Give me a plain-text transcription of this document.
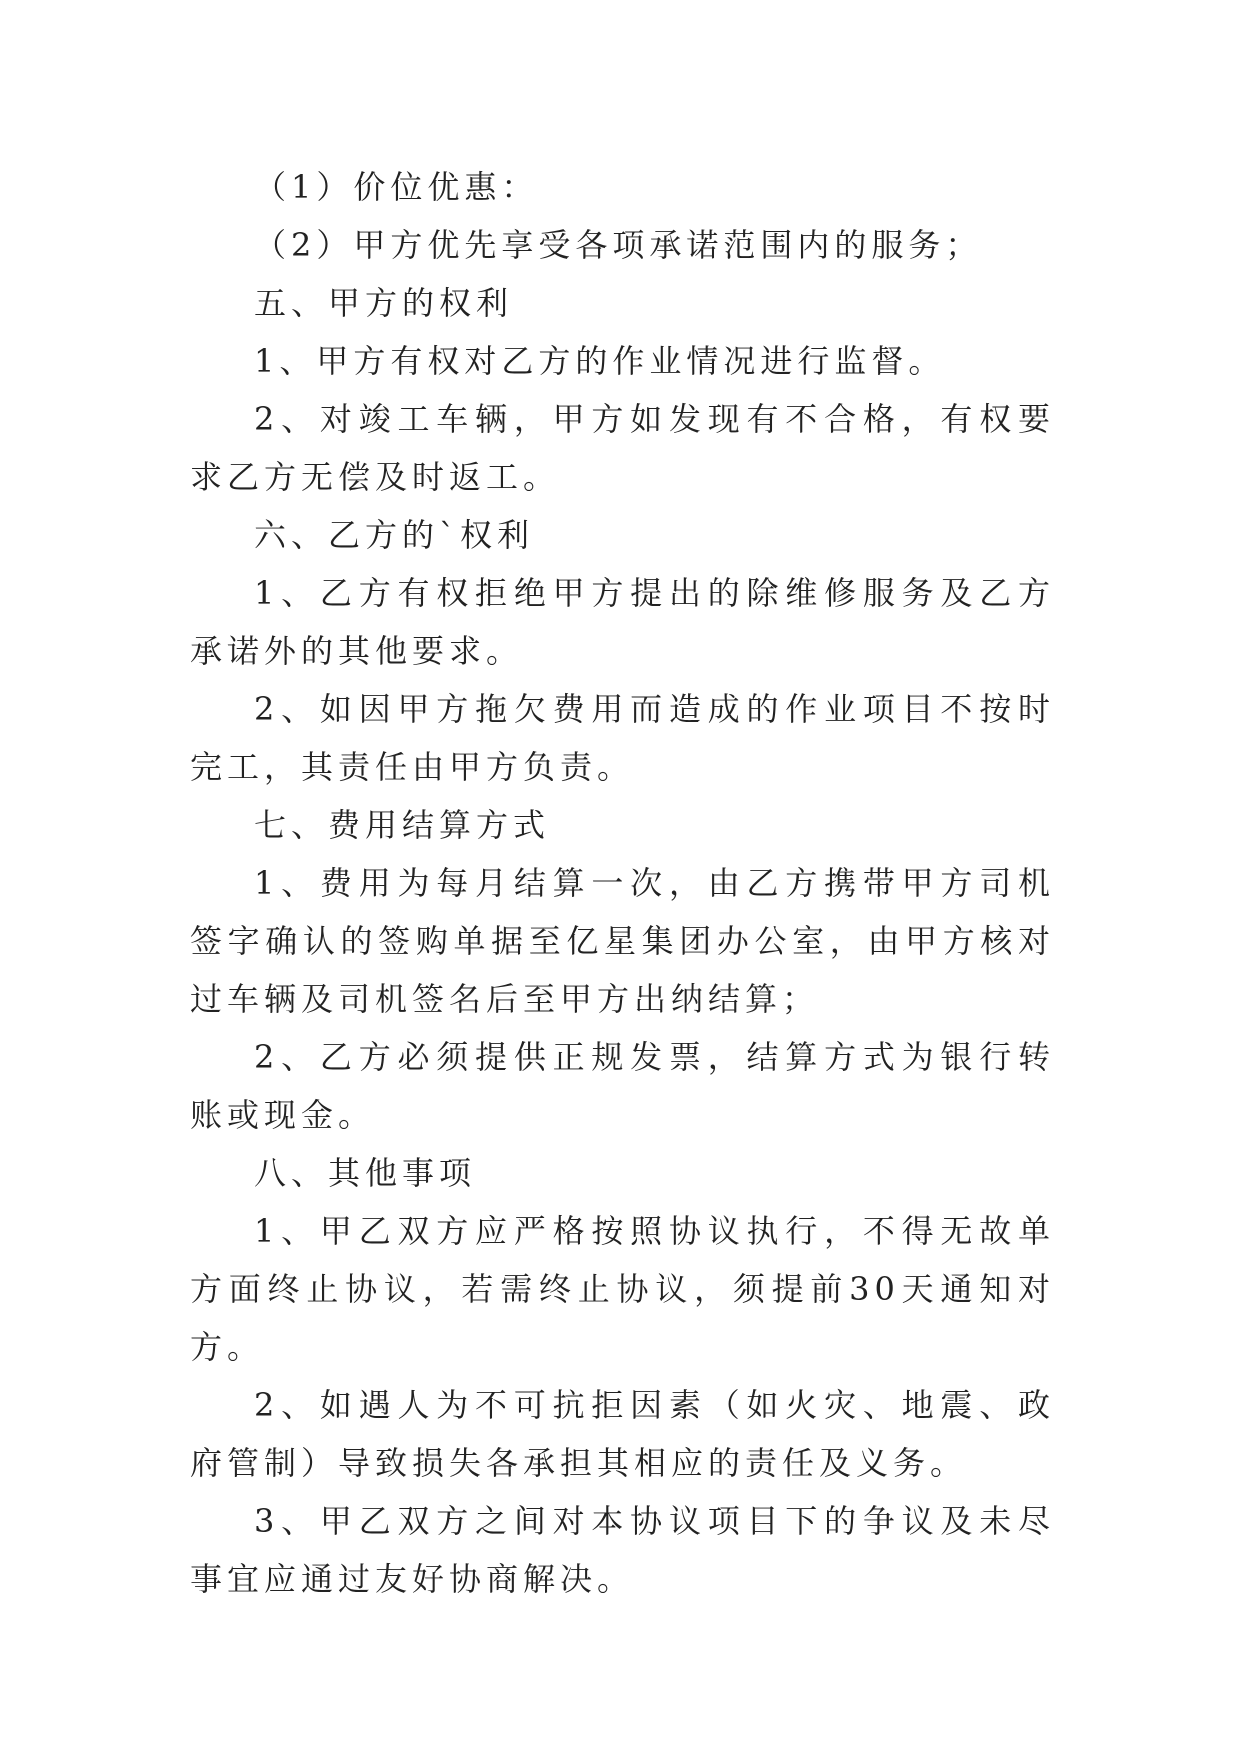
（1）价位优惠：

（2）甲方优先享受各项承诺范围内的服务；

五、甲方的权利

1、甲方有权对乙方的作业情况进行监督。

2、对竣工车辆，甲方如发现有不合格，有权要求乙方无偿及时返工。

六、乙方的`权利

1、乙方有权拒绝甲方提出的除维修服务及乙方承诺外的其他要求。

2、如因甲方拖欠费用而造成的作业项目不按时完工，其责任由甲方负责。

七、费用结算方式

1、费用为每月结算一次，由乙方携带甲方司机签字确认的签购单据至亿星集团办公室，由甲方核对过车辆及司机签名后至甲方出纳结算；

2、乙方必须提供正规发票，结算方式为银行转账或现金。

八、其他事项

1、甲乙双方应严格按照协议执行，不得无故单方面终止协议，若需终止协议，须提前30天通知对方。

2、如遇人为不可抗拒因素（如火灾、地震、政府管制）导致损失各承担其相应的责任及义务。

3、甲乙双方之间对本协议项目下的争议及未尽事宜应通过友好协商解决。
